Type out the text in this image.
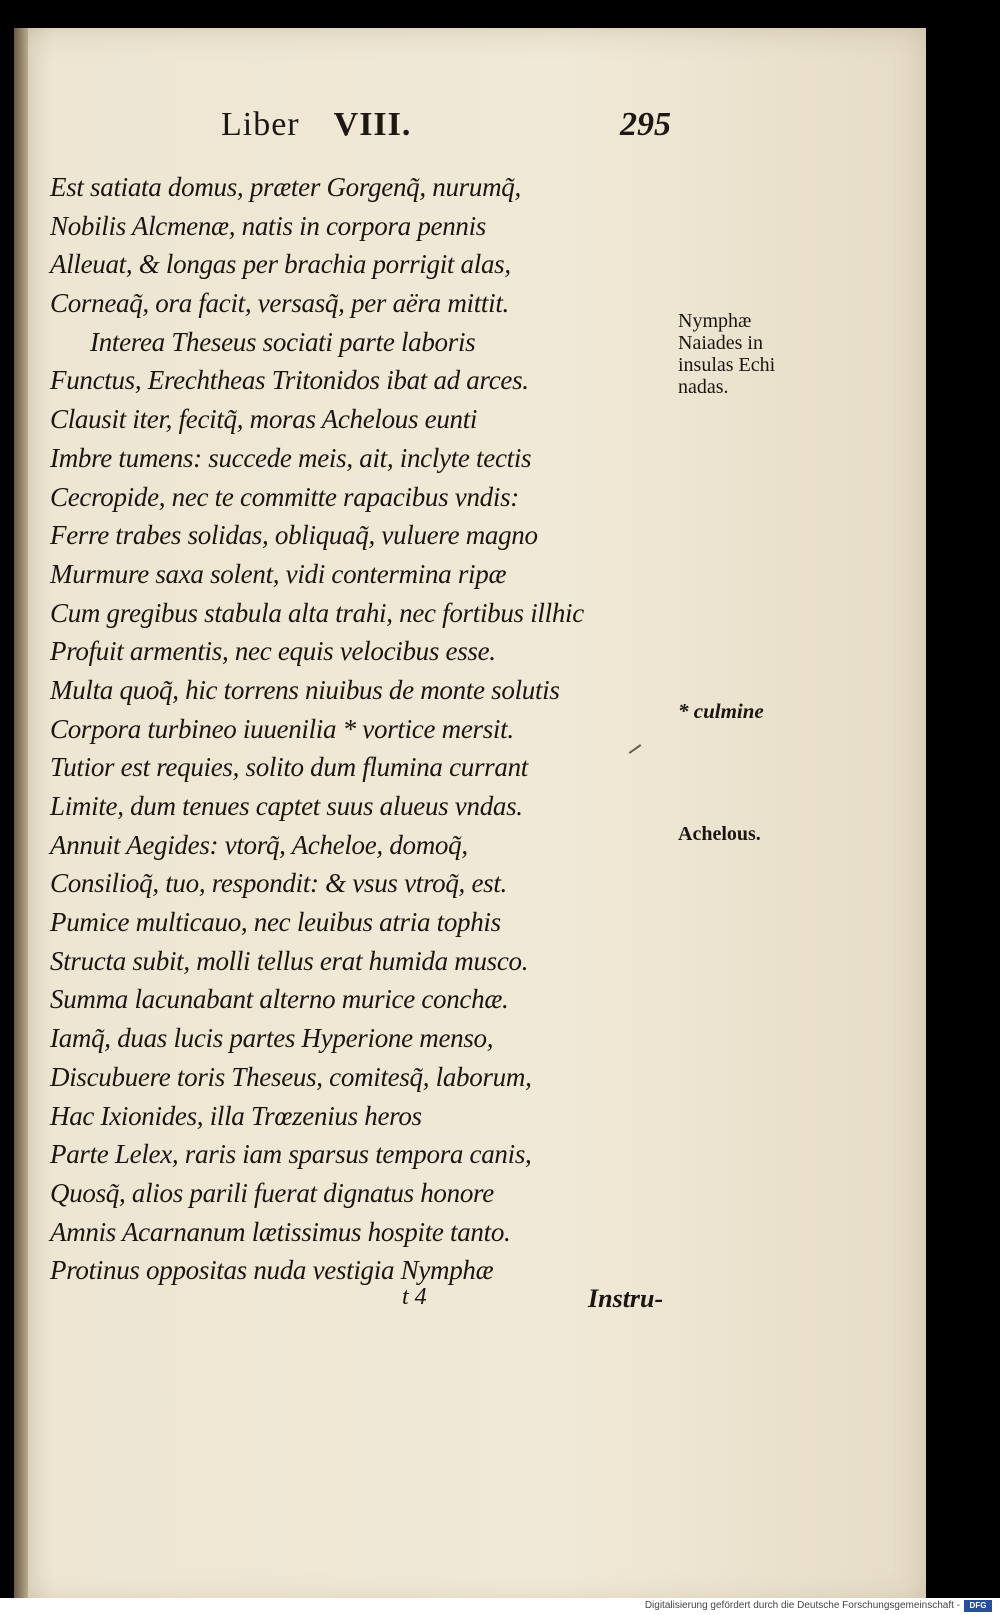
Liber VIII.	295
Est satiata domus, præter Gorgenq̃, nurumq̃,
Nobilis Alcmenæ, natis in corpora pennis
Alleuat, & longas per brachia porrigit alas,
Corneaq̃, ora facit, versasq̃, per aëra mittit.
Interea Theseus sociati parte laboris
Functus, Erechtheas Tritonidos ibat ad arces.
Clausit iter, fecitq̃, moras Achelous eunti
Imbre tumens: succede meis, ait, inclyte tectis
Cecropide, nec te committe rapacibus vndis:
Ferre trabes solidas, obliquaq̃, vuluere magno
Murmure saxa solent, vidi contermina ripæ
Cum gregibus stabula alta trahi, nec fortibus illhic
Profuit armentis, nec equis velocibus esse.
Multa quoq̃, hic torrens niuibus de monte solutis
Corpora turbineo iuuenilia * vortice mersit.
Tutior est requies, solito dum flumina currant
Limite, dum tenues captet suus alueus vndas.
Annuit Aegides: vtorq̃, Acheloe, domoq̃,
Consilioq̃, tuo, respondit: & vsus vtroq̃, est.
Pumice multicauo, nec leuibus atria tophis
Structa subit, molli tellus erat humida musco.
Summa lacunabant alterno murice conchæ.
Iamq̃, duas lucis partes Hyperione menso,
Discubuere toris Theseus, comitesq̃, laborum,
Hac Ixionides, illa Trœzenius heros
Parte Lelex, raris iam sparsus tempora canis,
Quosq̃, alios parili fuerat dignatus honore
Amnis Acarnanum lætissimus hospite tanto.
Protinus oppositas nuda vestigia Nymphæ
Nymphæ
Naiades in
insulas Echi
nadas.
* culmine
Achelous.
t 4	Instru-
Digitalisierung gefördert durch die Deutsche Forschungsgemeinschaft -	DFG
